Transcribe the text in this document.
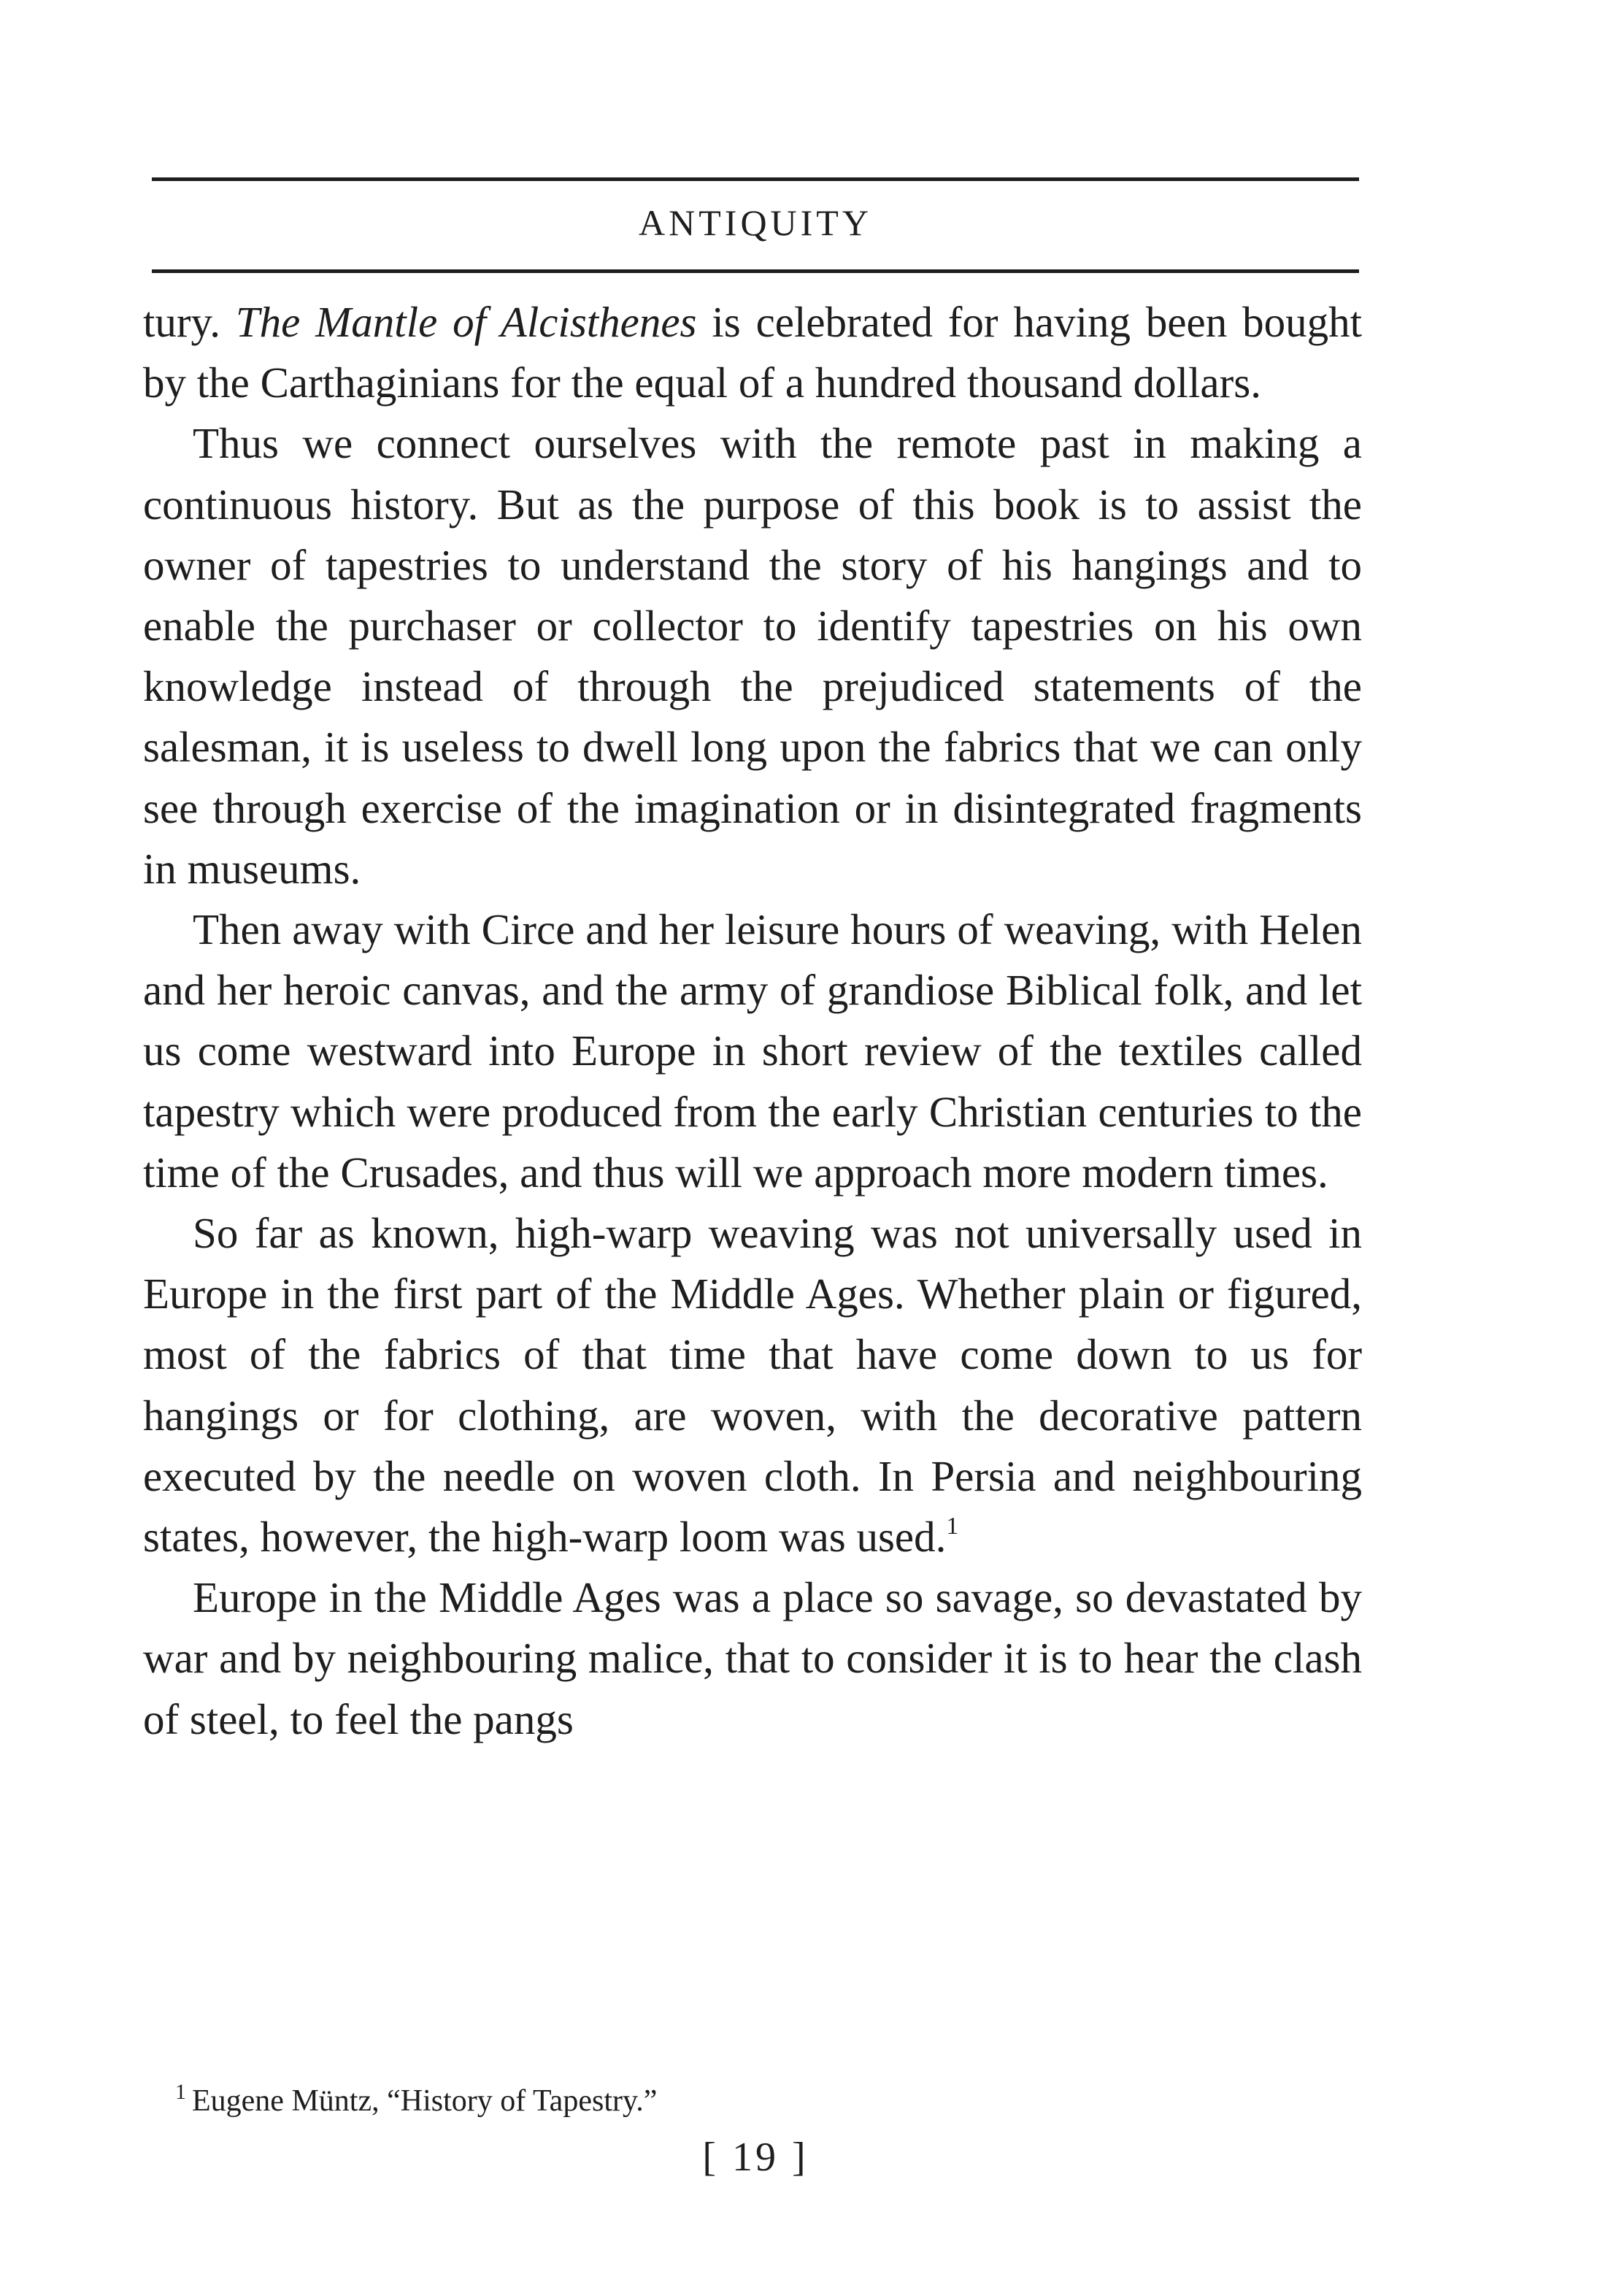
ANTIQUITY

tury. The Mantle of Alcisthenes is celebrated for having been bought by the Carthaginians for the equal of a hundred thousand dollars.

Thus we connect ourselves with the remote past in making a continuous history. But as the purpose of this book is to assist the owner of tapestries to understand the story of his hangings and to enable the purchaser or collector to identify tapestries on his own knowledge instead of through the prejudiced statements of the salesman, it is useless to dwell long upon the fabrics that we can only see through exercise of the imagination or in disintegrated fragments in museums.

Then away with Circe and her leisure hours of weaving, with Helen and her heroic canvas, and the army of grandiose Biblical folk, and let us come westward into Europe in short review of the textiles called tapestry which were produced from the early Christian centuries to the time of the Crusades, and thus will we approach more modern times.

So far as known, high-warp weaving was not universally used in Europe in the first part of the Middle Ages. Whether plain or figured, most of the fabrics of that time that have come down to us for hangings or for clothing, are woven, with the decorative pattern executed by the needle on woven cloth. In Persia and neighbouring states, however, the high-warp loom was used.$^1$

Europe in the Middle Ages was a place so savage, so devastated by war and by neighbouring malice, that to consider it is to hear the clash of steel, to feel the pangs

$^1$ Eugene Müntz, “History of Tapestry.”
[ 19 ]
